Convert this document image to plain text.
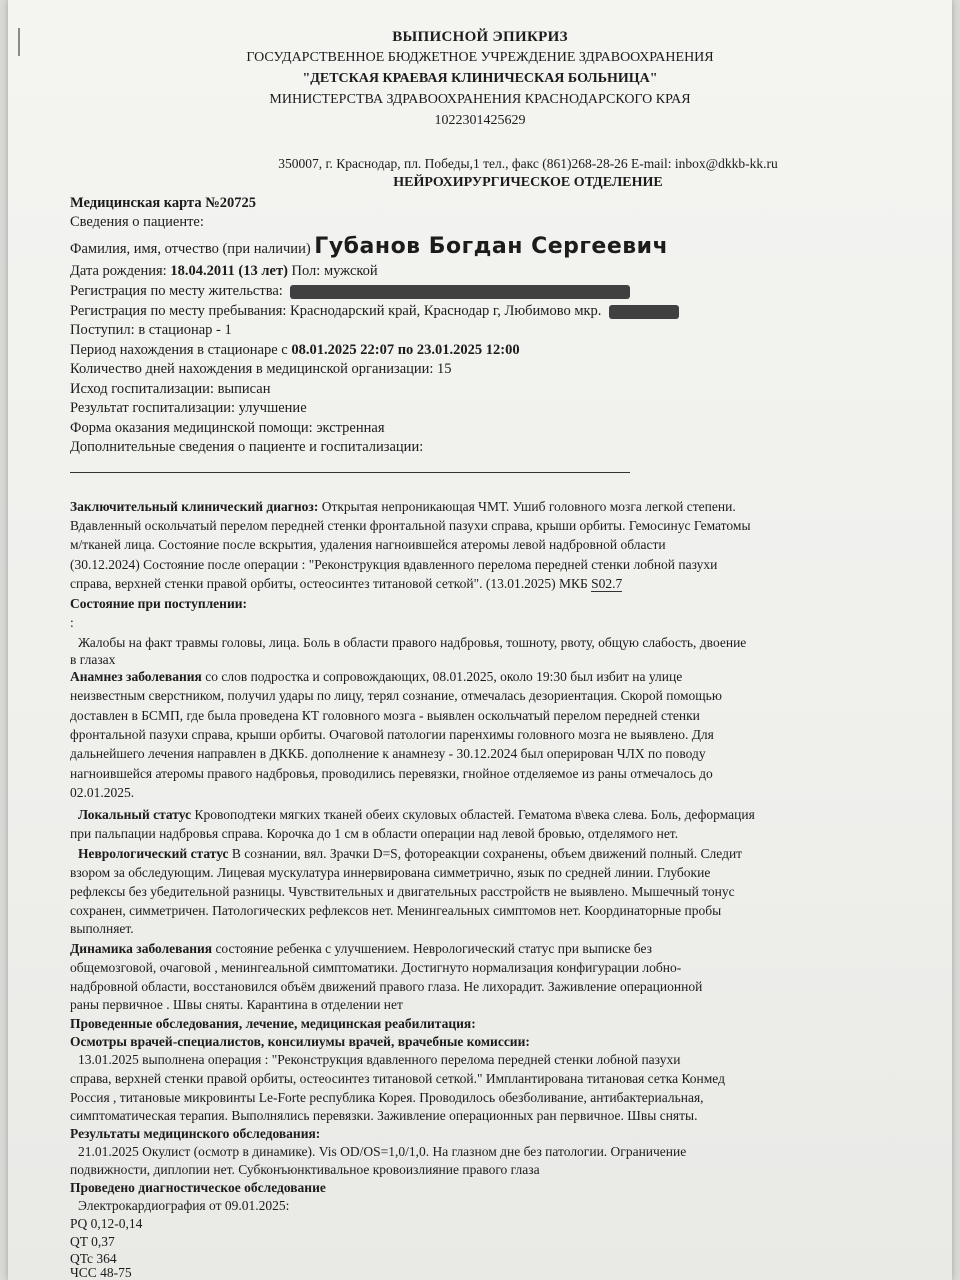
ВЫПИСНОЙ ЭПИКРИЗ
ГОСУДАРСТВЕННОЕ БЮДЖЕТНОЕ УЧРЕЖДЕНИЕ ЗДРАВООХРАНЕНИЯ
"ДЕТСКАЯ КРАЕВАЯ КЛИНИЧЕСКАЯ БОЛЬНИЦА"
МИНИСТЕРСТВА ЗДРАВООХРАНЕНИЯ КРАСНОДАРСКОГО КРАЯ
1022301425629
350007, г. Краснодар, пл. Победы,1 тел., факс (861)268-28-26 E-mail: inbox@dkkb-kk.ru
НЕЙРОХИРУРГИЧЕСКОЕ ОТДЕЛЕНИЕ
Медицинская карта №20725
Сведения о пациенте:
Фамилия, имя, отчество (при наличии) Губанов Богдан Сергеевич
Дата рождения: 18.04.2011 (13 лет) Пол: мужской
Регистрация по месту жительства:
Регистрация по месту пребывания: Краснодарский край, Краснодар г, Любимово мкр.
Поступил: в стационар - 1
Период нахождения в стационаре с 08.01.2025 22:07 по 23.01.2025 12:00
Количество дней нахождения в медицинской организации: 15
Исход госпитализации: выписан
Результат госпитализации: улучшение
Форма оказания медицинской помощи: экстренная
Дополнительные сведения о пациенте и госпитализации:
Заключительный клинический диагноз: Открытая непроникающая ЧМТ. Ушиб головного мозга легкой степени.
Вдавленный оскольчатый перелом передней стенки фронтальной пазухи справа, крыши орбиты. Гемосинус Гематомы
м/тканей лица. Состояние после вскрытия, удаления нагноившейся атеромы левой надбровной области
(30.12.2024) Состояние после операции : "Реконструкция вдавленного перелома передней стенки лобной пазухи
справа, верхней стенки правой орбиты, остеосинтез титановой сеткой". (13.01.2025) МКБ S02.7
Состояние при поступлении:
:
Жалобы на факт травмы головы, лица. Боль в области правого надбровья, тошноту, рвоту, общую слабость, двоение
в глазах
Анамнез заболевания со слов подростка и сопровождающих, 08.01.2025, около 19:30 был избит на улице
неизвестным сверстником, получил удары по лицу, терял сознание, отмечалась дезориентация. Скорой помощью
доставлен в БСМП, где была проведена КТ головного мозга - выявлен оскольчатый перелом передней стенки
фронтальной пазухи справа, крыши орбиты. Очаговой патологии паренхимы головного мозга не выявлено. Для
дальнейшего лечения направлен в ДККБ. дополнение к анамнезу - 30.12.2024 был оперирован ЧЛХ по поводу
нагноившейся атеромы правого надбровья, проводились перевязки, гнойное отделяемое из раны отмечалось до
02.01.2025.
Локальный статус Кровоподтеки мягких тканей обеих скуловых областей. Гематома в\века слева. Боль, деформация
при пальпации надбровья справа. Корочка до 1 см в области операции над левой бровью, отделямого нет.
Неврологический статус В сознании, вял. Зрачки D=S, фотореакции сохранены, объем движений полный. Следит
взором за обследующим. Лицевая мускулатура иннервирована симметрично, язык по средней линии. Глубокие
рефлексы без убедительной разницы. Чувствительных и двигательных расстройств не выявлено. Мышечный тонус
сохранен, симметричен. Патологических рефлексов нет. Менингеальных симптомов нет. Координаторные пробы
выполняет.
Динамика заболевания состояние ребенка с улучшением. Неврологический статус при выписке без
общемозговой, очаговой , менингеальной симптоматики. Достигнуто нормализация конфигурации лобно-
надбровной области, восстановился объём движений правого глаза. Не лихорадит. Заживление операционной
раны первичное . Швы сняты. Карантина в отделении нет
Проведенные обследования, лечение, медицинская реабилитация:
Осмотры врачей-специалистов, консилиумы врачей, врачебные комиссии:
13.01.2025 выполнена операция : "Реконструкция вдавленного перелома передней стенки лобной пазухи
справа, верхней стенки правой орбиты, остеосинтез титановой сеткой." Имплантирована титановая сетка Конмед
Россия , титановые микровинты Le-Forte республика Корея. Проводилось обезболивание, антибактериальная,
симптоматическая терапия. Выполнялись перевязки. Заживление операционных ран первичное. Швы сняты.
Результаты медицинского обследования:
21.01.2025 Окулист (осмотр в динамике). Vis OD/OS=1,0/1,0. На глазном дне без патологии. Ограничение
подвижности, диплопии нет. Субконъюнктивальное кровоизлияние правого глаза
Проведено диагностическое обследование
Электрокардиография от 09.01.2025:
PQ 0,12-0,14
QT 0,37
QTc 364
ЧСС 48-75
